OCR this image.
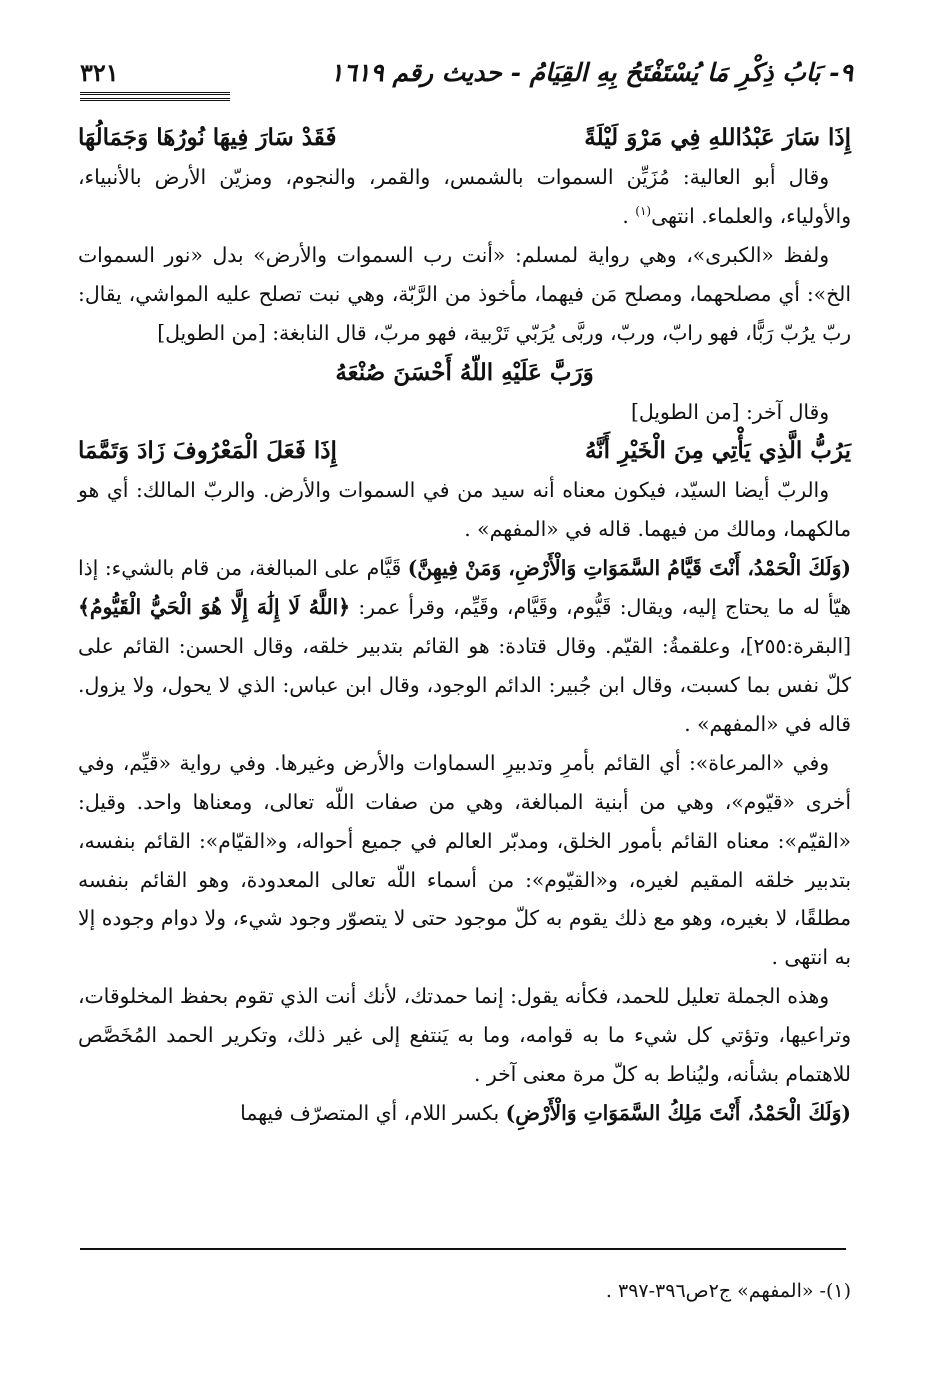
٩- بَابُ ذِكْرِ مَا يُسْتَفْتَحُ بِهِ القِيَامُ - حديث رقم ١٦١٩
٣٢١
إِذَا سَارَ عَبْدُاللهِ فِي مَرْوَ لَيْلَةً
فَقَدْ سَارَ فِيهَا نُورُهَا وَجَمَالُهَا

وقال أبو العالية: مُزَيِّن السموات بالشمس، والقمر، والنجوم، ومزيّن الأرض بالأنبياء، والأولياء، والعلماء. انتهى$^{(١)}$ .

ولفظ «الكبرى»، وهي رواية لمسلم: «أنت رب السموات والأرض» بدل «نور السموات الخ»: أي مصلحهما، ومصلح مَن فيهما، مأخوذ من الرَّبّة، وهي نبت تصلح عليه المواشي، يقال: ربّ يرُبّ رَبًّا، فهو رابّ، وربّ، وربَّى يُرَبّي تَرْبية، فهو مربّ، قال النابغة: [من الطويل]

وَرَبَّ عَلَيْهِ اللّهُ أَحْسَنَ صُنْعَهُ

وقال آخر: [من الطويل]

يَرُبُّ الَّذِي يَأْتِي مِنَ الْخَيْرِ أَنَّهُ
إِذَا فَعَلَ الْمَعْرُوفَ زَادَ وَتَمَّمَا

والربّ أيضا السيّد، فيكون معناه أنه سيد من في السموات والأرض. والربّ المالك: أي هو مالكهما، ومالك من فيهما. قاله في «المفهم» .

(وَلَكَ الْحَمْدُ، أَنْتَ قَيَّامُ السَّمَوَاتِ وَالْأَرْضِ، وَمَنْ فِيهِنَّ) قَيَّام على المبالغة، من قام بالشيء: إذا هيّأ له ما يحتاج إليه، ويقال: قَيُّوم، وقَيَّام، وقَيِّم، وقرأ عمر: ﴿اللَّهُ لَا إِلَٰهَ إِلَّا هُوَ الْحَيُّ الْقَيُّومُ﴾ [البقرة:٢٥٥]، وعلقمةُ: القيّم. وقال قتادة: هو القائم بتدبير خلقه، وقال الحسن: القائم على كلّ نفس بما كسبت، وقال ابن جُبير: الدائم الوجود، وقال ابن عباس: الذي لا يحول، ولا يزول. قاله في «المفهم» .

وفي «المرعاة»: أي القائم بأمرِ وتدبيرِ السماوات والأرض وغيرها. وفي رواية «قيِّم، وفي أخرى «قيّوم»، وهي من أبنية المبالغة، وهي من صفات اللّه تعالى، ومعناها واحد. وقيل: «القيّم»: معناه القائم بأمور الخلق، ومدبّر العالم في جميع أحواله، و«القيّام»: القائم بنفسه، بتدبير خلقه المقيم لغيره، و«القيّوم»: من أسماء اللّه تعالى المعدودة، وهو القائم بنفسه مطلقًا، لا بغيره، وهو مع ذلك يقوم به كلّ موجود حتى لا يتصوّر وجود شيء، ولا دوام وجوده إلا به انتهى .

وهذه الجملة تعليل للحمد، فكأنه يقول: إنما حمدتك، لأنك أنت الذي تقوم بحفظ المخلوقات، وتراعيها، وتؤتي كل شيء ما به قوامه، وما به يَنتفع إلى غير ذلك، وتكرير الحمد المُخَصَّص للاهتمام بشأنه، وليُناط به كلّ مرة معنى آخر .

(وَلَكَ الْحَمْدُ، أَنْتَ مَلِكُ السَّمَوَاتِ وَالْأَرْضِ) بكسر اللام، أي المتصرّف فيهما

(١)- «المفهم» ج٢ص٣٩٦-٣٩٧ .
